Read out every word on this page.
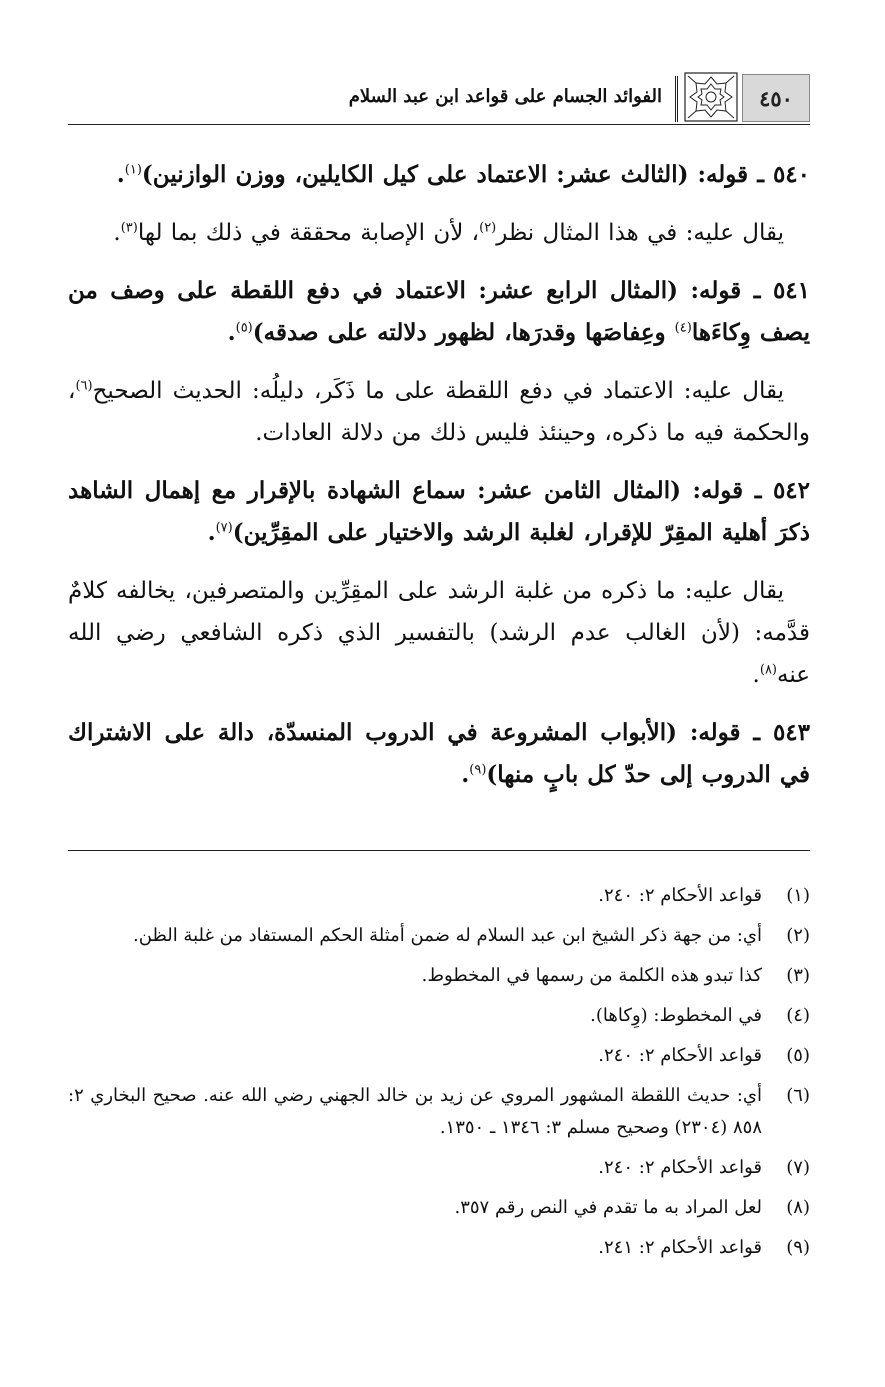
٤٥٠
الفوائد الجسام على قواعد ابن عبد السلام

٥٤٠ ـ قوله: (الثالث عشر: الاعتماد على كيل الكايلين، ووزن الوازنين)$^{(١)}$.

يقال عليه: في هذا المثال نظر$^{(٢)}$، لأن الإصابة محققة في ذلك بما لها$^{(٣)}$.

٥٤١ ـ قوله: (المثال الرابع عشر: الاعتماد في دفع اللقطة على وصف من يصف وِكاءَها$^{(٤)}$ وعِفاصَها وقدرَها، لظهور دلالته على صدقه)$^{(٥)}$.

يقال عليه: الاعتماد في دفع اللقطة على ما ذَكَر، دليلُه: الحديث الصحيح$^{(٦)}$، والحكمة فيه ما ذكره، وحينئذ فليس ذلك من دلالة العادات.

٥٤٢ ـ قوله: (المثال الثامن عشر: سماع الشهادة بالإقرار مع إهمال الشاهد ذكرَ أهلية المقِرّ للإقرار، لغلبة الرشد والاختيار على المقِرِّين)$^{(٧)}$.

يقال عليه: ما ذكره من غلبة الرشد على المقِرِّين والمتصرفين، يخالفه كلامٌ قدَّمه: (لأن الغالب عدم الرشد) بالتفسير الذي ذكره الشافعي رضي الله عنه$^{(٨)}$.

٥٤٣ ـ قوله: (الأبواب المشروعة في الدروب المنسدّة، دالة على الاشتراك في الدروب إلى حدّ كل بابٍ منها)$^{(٩)}$.

(١)
قواعد الأحكام ٢: ٢٤٠.
(٢)
أي: من جهة ذكر الشيخ ابن عبد السلام له ضمن أمثلة الحكم المستفاد من غلبة الظن.
(٣)
كذا تبدو هذه الكلمة من رسمها في المخطوط.
(٤)
في المخطوط: (وِكاها).
(٥)
قواعد الأحكام ٢: ٢٤٠.
(٦)
أي: حديث اللقطة المشهور المروي عن زيد بن خالد الجهني رضي الله عنه. صحيح البخاري ٢: ٨٥٨ (٢٣٠٤) وصحيح مسلم ٣: ١٣٤٦ ـ ١٣٥٠.
(٧)
قواعد الأحكام ٢: ٢٤٠.
(٨)
لعل المراد به ما تقدم في النص رقم ٣٥٧.
(٩)
قواعد الأحكام ٢: ٢٤١.
